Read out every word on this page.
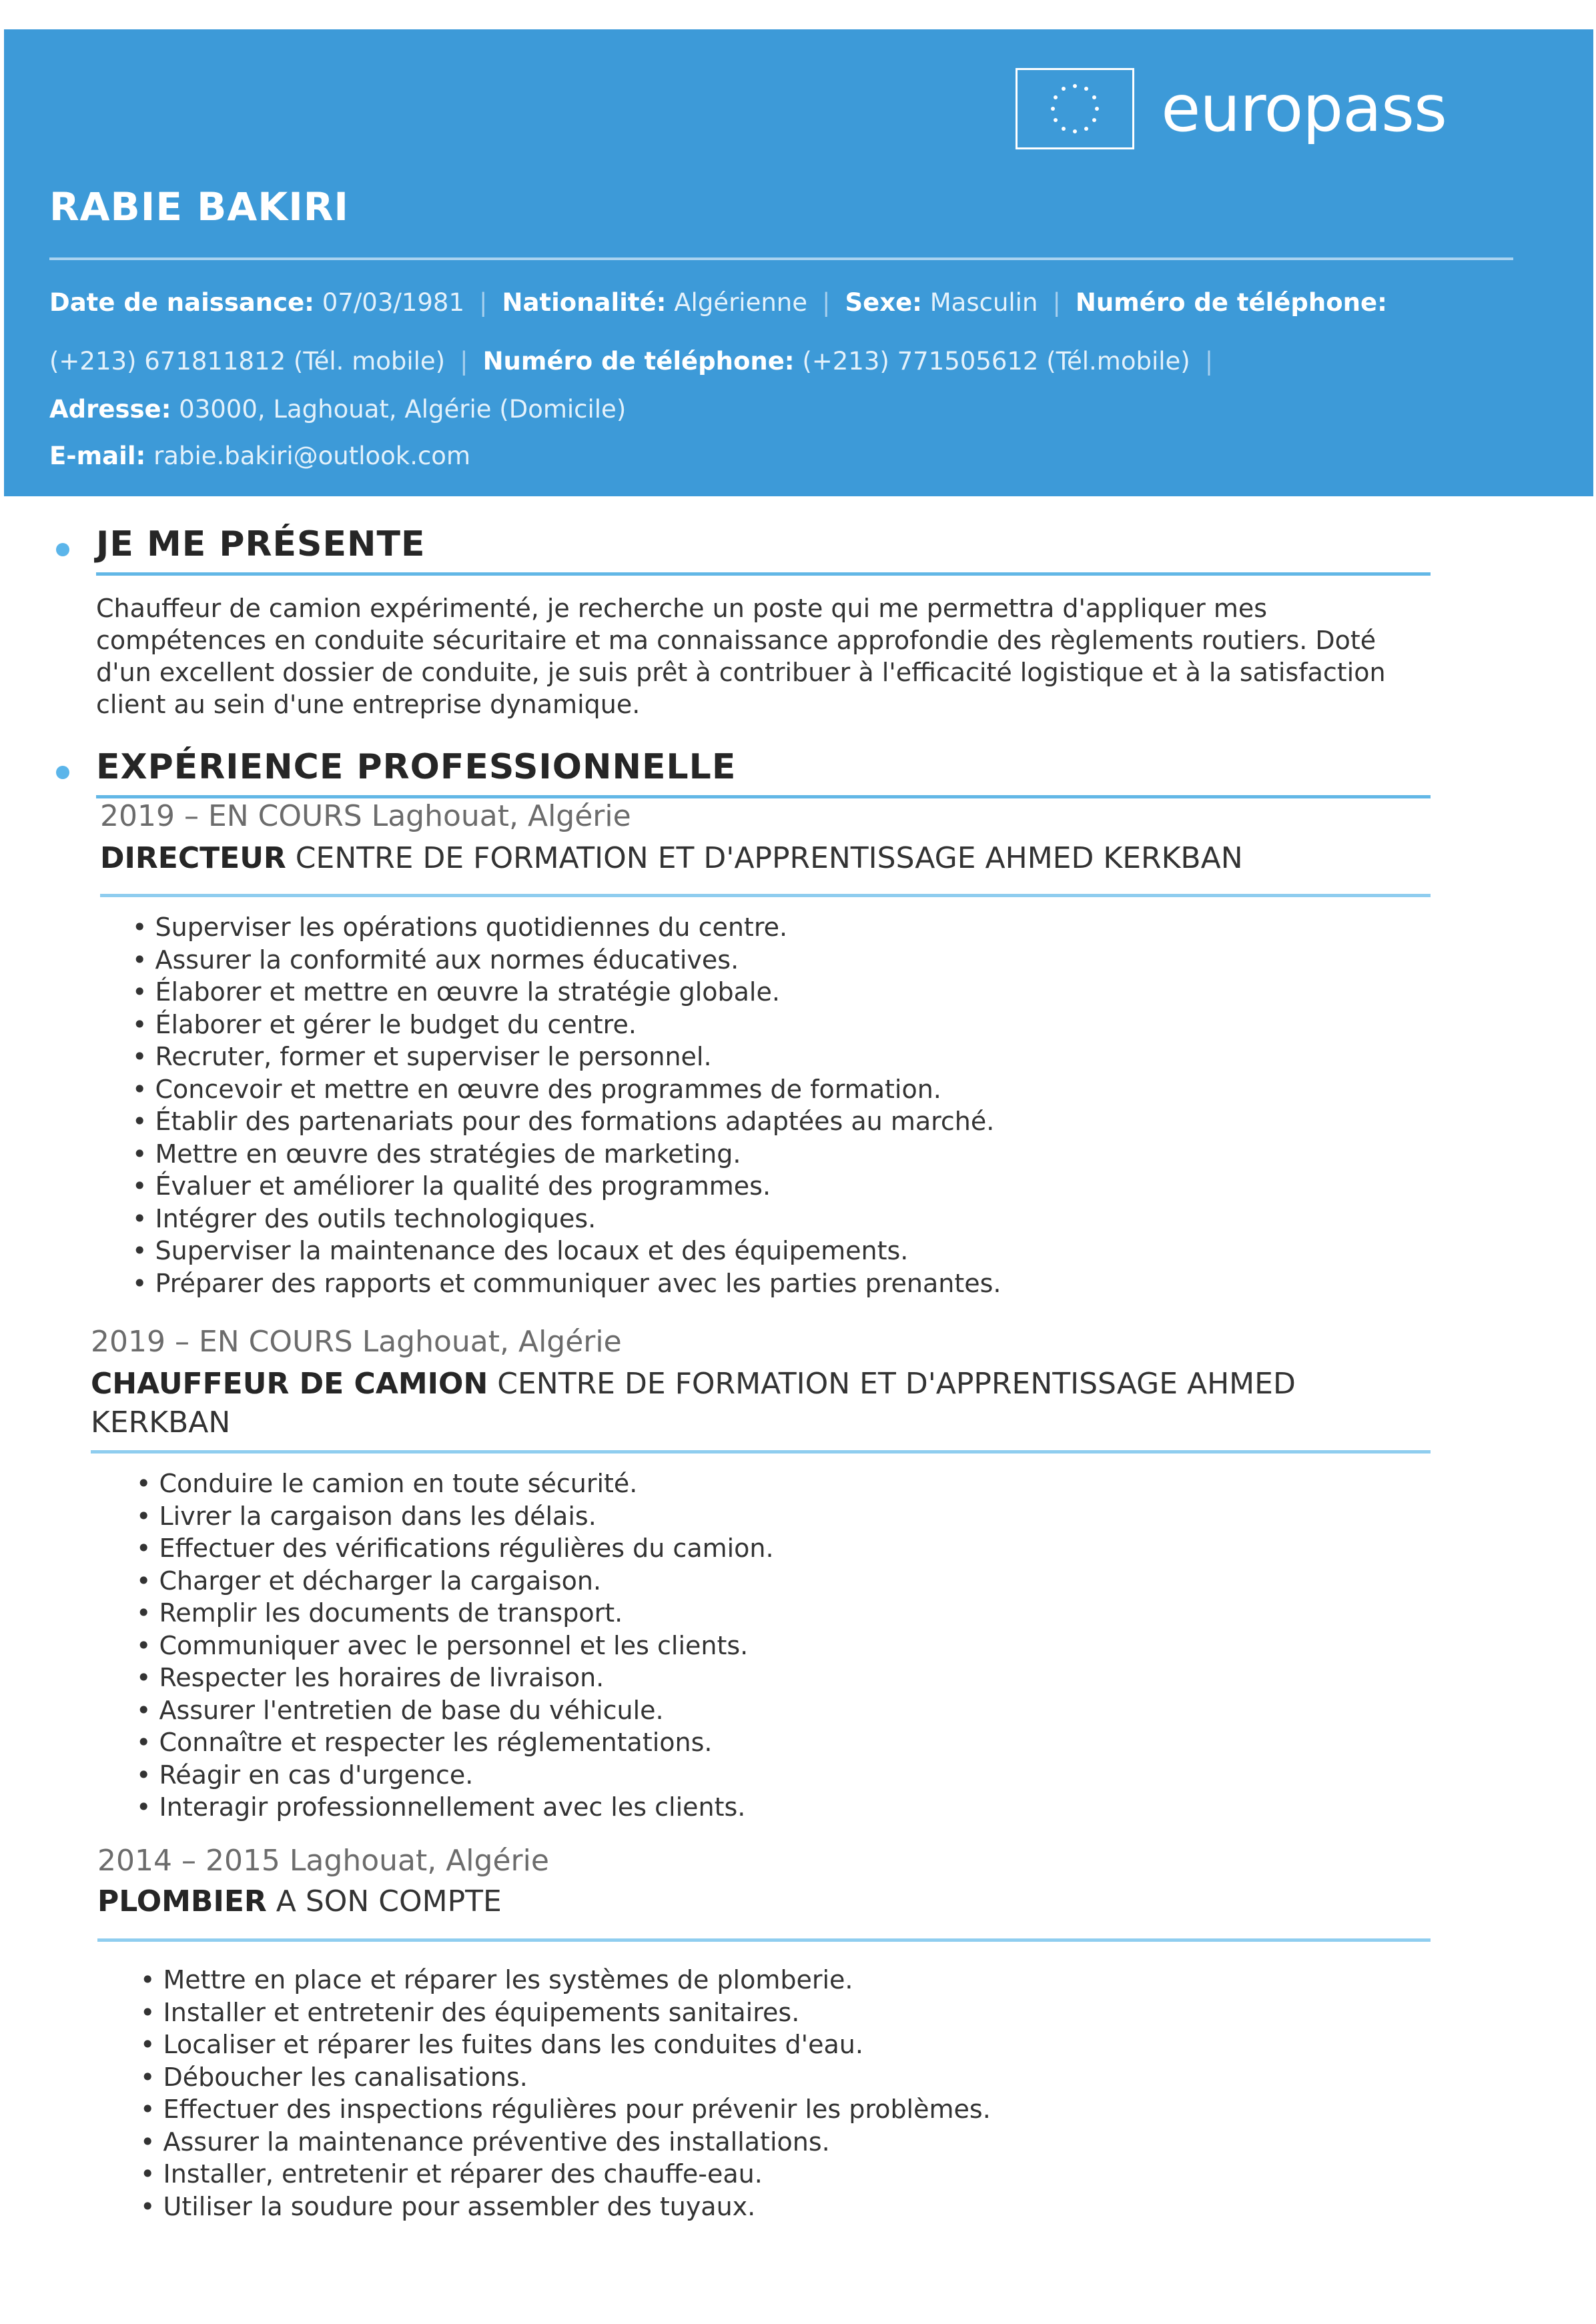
europass
RABIE BAKIRI
Date de naissance: 07/03/1981 | Nationalité: Algérienne | Sexe: Masculin | Numéro de téléphone:
(+213) 671811812 (Tél. mobile) | Numéro de téléphone: (+213) 771505612 (Tél.mobile) |
Adresse: 03000, Laghouat, Algérie (Domicile)
E-mail: rabie.bakiri@outlook.com
JE ME PRÉSENTE
Chauffeur de camion expérimenté, je recherche un poste qui me permettra d'appliquer mes compétences en conduite sécuritaire et ma connaissance approfondie des règlements routiers. Doté d'un excellent dossier de conduite, je suis prêt à contribuer à l'efficacité logistique et à la satisfaction client au sein d'une entreprise dynamique.
EXPÉRIENCE PROFESSIONNELLE
2019 – EN COURS Laghouat, Algérie
DIRECTEUR CENTRE DE FORMATION ET D'APPRENTISSAGE AHMED KERKBAN
• Superviser les opérations quotidiennes du centre.
• Assurer la conformité aux normes éducatives.
• Élaborer et mettre en œuvre la stratégie globale.
• Élaborer et gérer le budget du centre.
• Recruter, former et superviser le personnel.
• Concevoir et mettre en œuvre des programmes de formation.
• Établir des partenariats pour des formations adaptées au marché.
• Mettre en œuvre des stratégies de marketing.
• Évaluer et améliorer la qualité des programmes.
• Intégrer des outils technologiques.
• Superviser la maintenance des locaux et des équipements.
• Préparer des rapports et communiquer avec les parties prenantes.
2019 – EN COURS Laghouat, Algérie
CHAUFFEUR DE CAMION CENTRE DE FORMATION ET D'APPRENTISSAGE AHMED KERKBAN
• Conduire le camion en toute sécurité.
• Livrer la cargaison dans les délais.
• Effectuer des vérifications régulières du camion.
• Charger et décharger la cargaison.
• Remplir les documents de transport.
• Communiquer avec le personnel et les clients.
• Respecter les horaires de livraison.
• Assurer l'entretien de base du véhicule.
• Connaître et respecter les réglementations.
• Réagir en cas d'urgence.
• Interagir professionnellement avec les clients.
2014 – 2015 Laghouat, Algérie
PLOMBIER A SON COMPTE
• Mettre en place et réparer les systèmes de plomberie.
• Installer et entretenir des équipements sanitaires.
• Localiser et réparer les fuites dans les conduites d'eau.
• Déboucher les canalisations.
• Effectuer des inspections régulières pour prévenir les problèmes.
• Assurer la maintenance préventive des installations.
• Installer, entretenir et réparer des chauffe-eau.
• Utiliser la soudure pour assembler des tuyaux.
